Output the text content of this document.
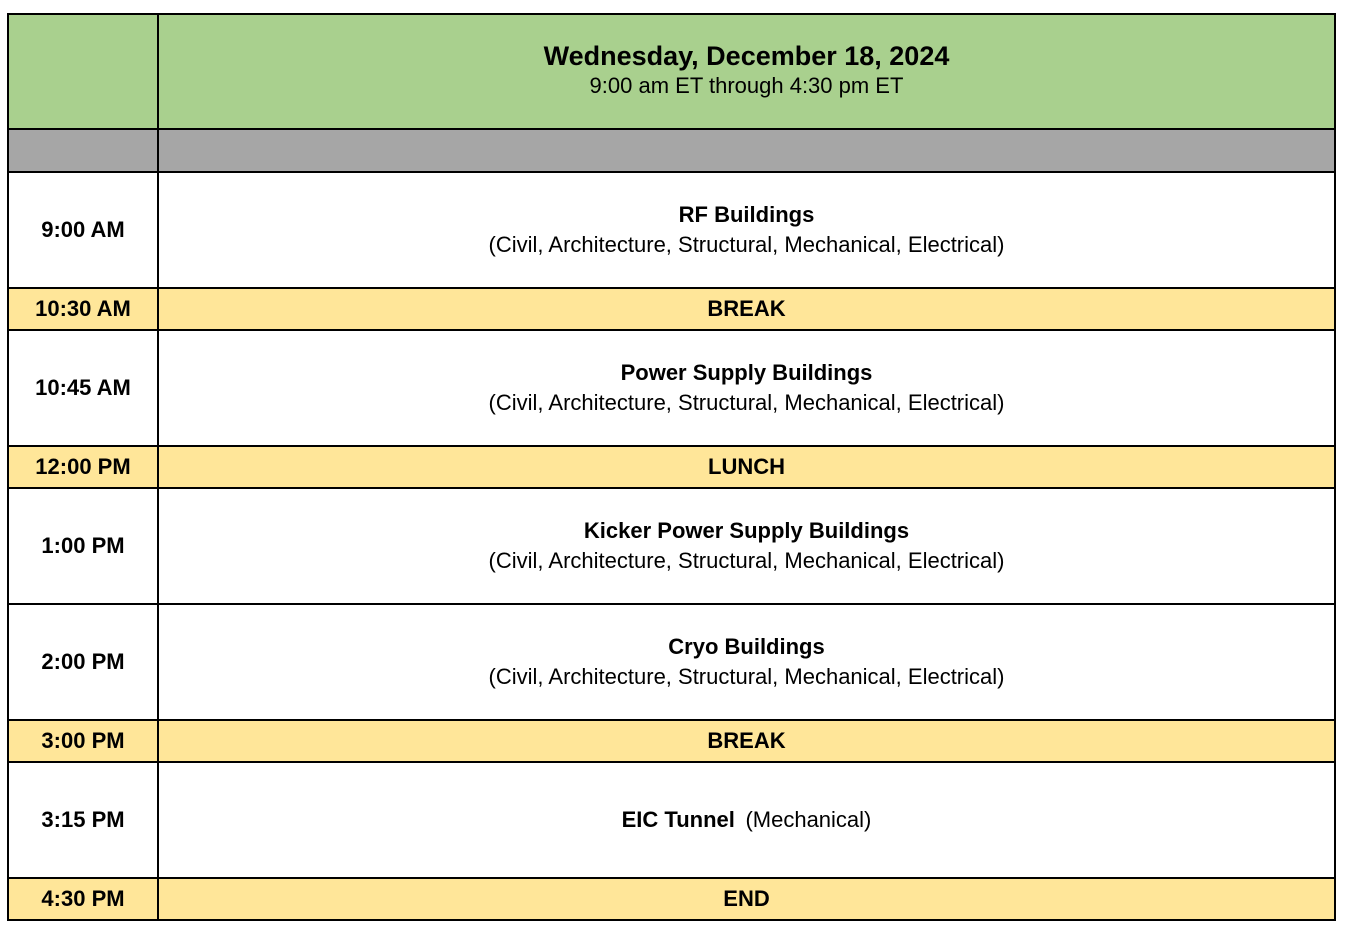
	Wednesday, December 18, 2024
9:00 am ET through 4:30 pm ET

9:00 AM	RF Buildings
(Civil, Architecture, Structural, Mechanical, Electrical)

10:30 AM	BREAK
10:45 AM	Power Supply Buildings
(Civil, Architecture, Structural, Mechanical, Electrical)

12:00 PM	LUNCH
1:00 PM	Kicker Power Supply Buildings
(Civil, Architecture, Structural, Mechanical, Electrical)

2:00 PM	Cryo Buildings
(Civil, Architecture, Structural, Mechanical, Electrical)

3:00 PM	BREAK
3:15 PM	EIC Tunnel (Mechanical)
4:30 PM	END
